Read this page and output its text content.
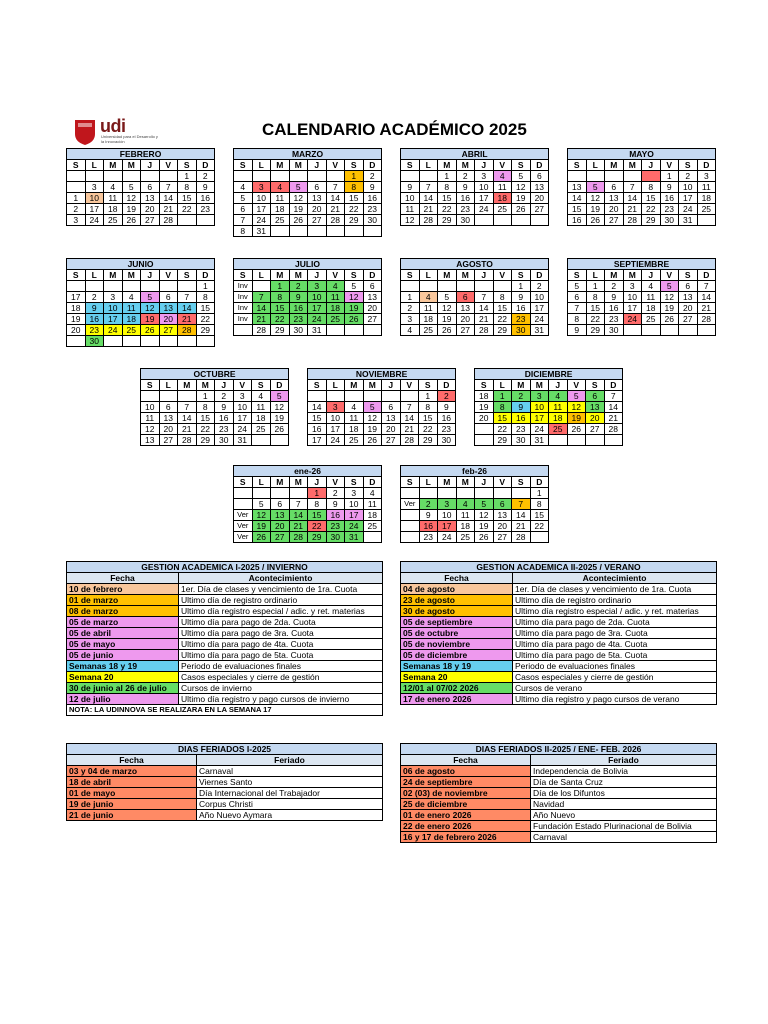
udi
Universidad para el Desarrollo y la Innovación
CALENDARIO ACADÉMICO 2025
FEBRERO							
S	L	M	M	J	V	S	D
						1	2
	3	4	5	6	7	8	9
1	10	11	12	13	14	15	16
2	17	18	19	20	21	22	23
3	24	25	26	27	28		
MARZO							
S	L	M	M	J	V	S	D
						1	2
4	3	4	5	6	7	8	9
5	10	11	12	13	14	15	16
6	17	18	19	20	21	22	23
7	24	25	26	27	28	29	30
8	31						
ABRIL							
S	L	M	M	J	V	S	D
		1	2	3	4	5	6
9	7	8	9	10	11	12	13
10	14	15	16	17	18	19	20
11	21	22	23	24	25	26	27
12	28	29	30				
MAYO								
S	L	M	M	J	V	S	D	
					1	2	3	
13	5	6	7	8	9	10	11	
14	12	13	14	15	16	17	18	
15	19	20	21	22	23	24	25	
16	26	27	28	29	30	31		
JUNIO							
S	L	M	M	J	V	S	D
							1
17	2	3	4	5	6	7	8
18	9	10	11	12	13	14	15
19	16	17	18	19	20	21	22
20	23	24	25	26	27	28	29
	30						
JULIO							
S	L	M	M	J	V	S	D
Inv		1	2	3	4	5	6
Inv	7	8	9	10	11	12	13
Inv	14	15	16	17	18	19	20
Inv	21	22	23	24	25	26	27
	28	29	30	31			
AGOSTO								
S	L	M	M	J	V	S	D	
						1	2	
1	4	5	6	7	8	9	10	
2	11	12	13	14	15	16	17	
3	18	19	20	21	22	23	24	
4	25	26	27	28	29	30	31	
SEPTIEMBRE							
S	L	M	M	J	V	S	D
5	1	2	3	4	5	6	7
6	8	9	10	11	12	13	14
7	15	16	17	18	19	20	21
8	22	23	24	25	26	27	28
9	29	30					
OCTUBRE							
S	L	M	M	J	V	S	D
			1	2	3	4	5
10	6	7	8	9	10	11	12
11	13	14	15	16	17	18	19
12	20	21	22	23	24	25	26
13	27	28	29	30	31		
NOVIEMBRE							
S	L	M	M	J	V	S	D
						1	2
14	3	4	5	6	7	8	9
15	10	11	12	13	14	15	16
16	17	18	19	20	21	22	23
17	24	25	26	27	28	29	30
DICIEMBRE							
S	L	M	M	J	V	S	D
18	1	2	3	4	5	6	7
19	8	9	10	11	12	13	14
20	15	16	17	18	19	20	21
	22	23	24	25	26	27	28
	29	30	31				
ene-26							
S	L	M	M	J	V	S	D
				1	2	3	4
	5	6	7	8	9	10	11
Ver	12	13	14	15	16	17	18
Ver	19	20	21	22	23	24	25
Ver	26	27	28	29	30	31	
feb-26							
S	L	M	M	J	V	S	D
							1
Ver	2	3	4	5	6	7	8
	9	10	11	12	13	14	15
	16	17	18	19	20	21	22
	23	24	25	26	27	28	
GESTION ACADEMICA I-2025 / INVIERNO	
Fecha	Acontecimiento
10 de febrero	1er. Día de clases y vencimiento de 1ra. Cuota
01 de marzo	Ultimo día de registro ordinario
08 de marzo	Ultimo día registro especial / adic. y ret. materias
05 de marzo	Ultimo día para pago de 2da. Cuota
05 de abril	Ultimo día para pago de 3ra. Cuota
05 de mayo	Ultimo día para pago de 4ta. Cuota
05 de junio	Ultimo día para pago de 5ta. Cuota
Semanas 18 y 19	Periodo de evaluaciones finales
Semana 20	Casos especiales y cierre de gestión
30 de junio al 26 de julio	Cursos de invierno
12 de julio	Ultimo día registro y pago cursos de invierno
NOTA: LA UDINNOVA SE REALIZARA EN LA SEMANA 17	
GESTION ACADEMICA II-2025 / VERANO	
Fecha	Acontecimiento
04 de agosto	1er. Día de clases y vencimiento de 1ra. Cuota
23 de agosto	Ultimo día de registro ordinario
30 de agosto	Ultimo día registro especial / adic. y ret. materias
05 de septiembre	Ultimo día para pago de 2da. Cuota
05 de octubre	Ultimo día para pago de 3ra. Cuota
05 de noviembre	Ultimo día para pago de 4ta. Cuota
05 de diciembre	Ultimo día para pago de 5ta. Cuota
Semanas 18 y 19	Periodo de evaluaciones finales
Semana 20	Casos especiales y cierre de gestión
12/01 al 07/02 2026	Cursos de verano
17 de enero 2026	Ultimo día registro y pago cursos de verano
DIAS FERIADOS I-2025	
Fecha	Feriado
03 y 04 de marzo	Carnaval
18 de abril	Viernes Santo
01 de mayo	Día Internacional del Trabajador
19 de junio	Corpus Christi
21 de junio	Año Nuevo Aymara
DIAS FERIADOS II-2025 / ENE- FEB. 2026	
Fecha	Feriado
06 de agosto	Independencia de Bolivia
24 de septiembre	Día de Santa Cruz
02 (03) de noviembre	Día de los Difuntos
25 de diciembre	Navidad
01 de enero 2026	Año Nuevo
22 de enero 2026	Fundación Estado Plurinacional de Bolivia
16 y 17 de febrero 2026	Carnaval
